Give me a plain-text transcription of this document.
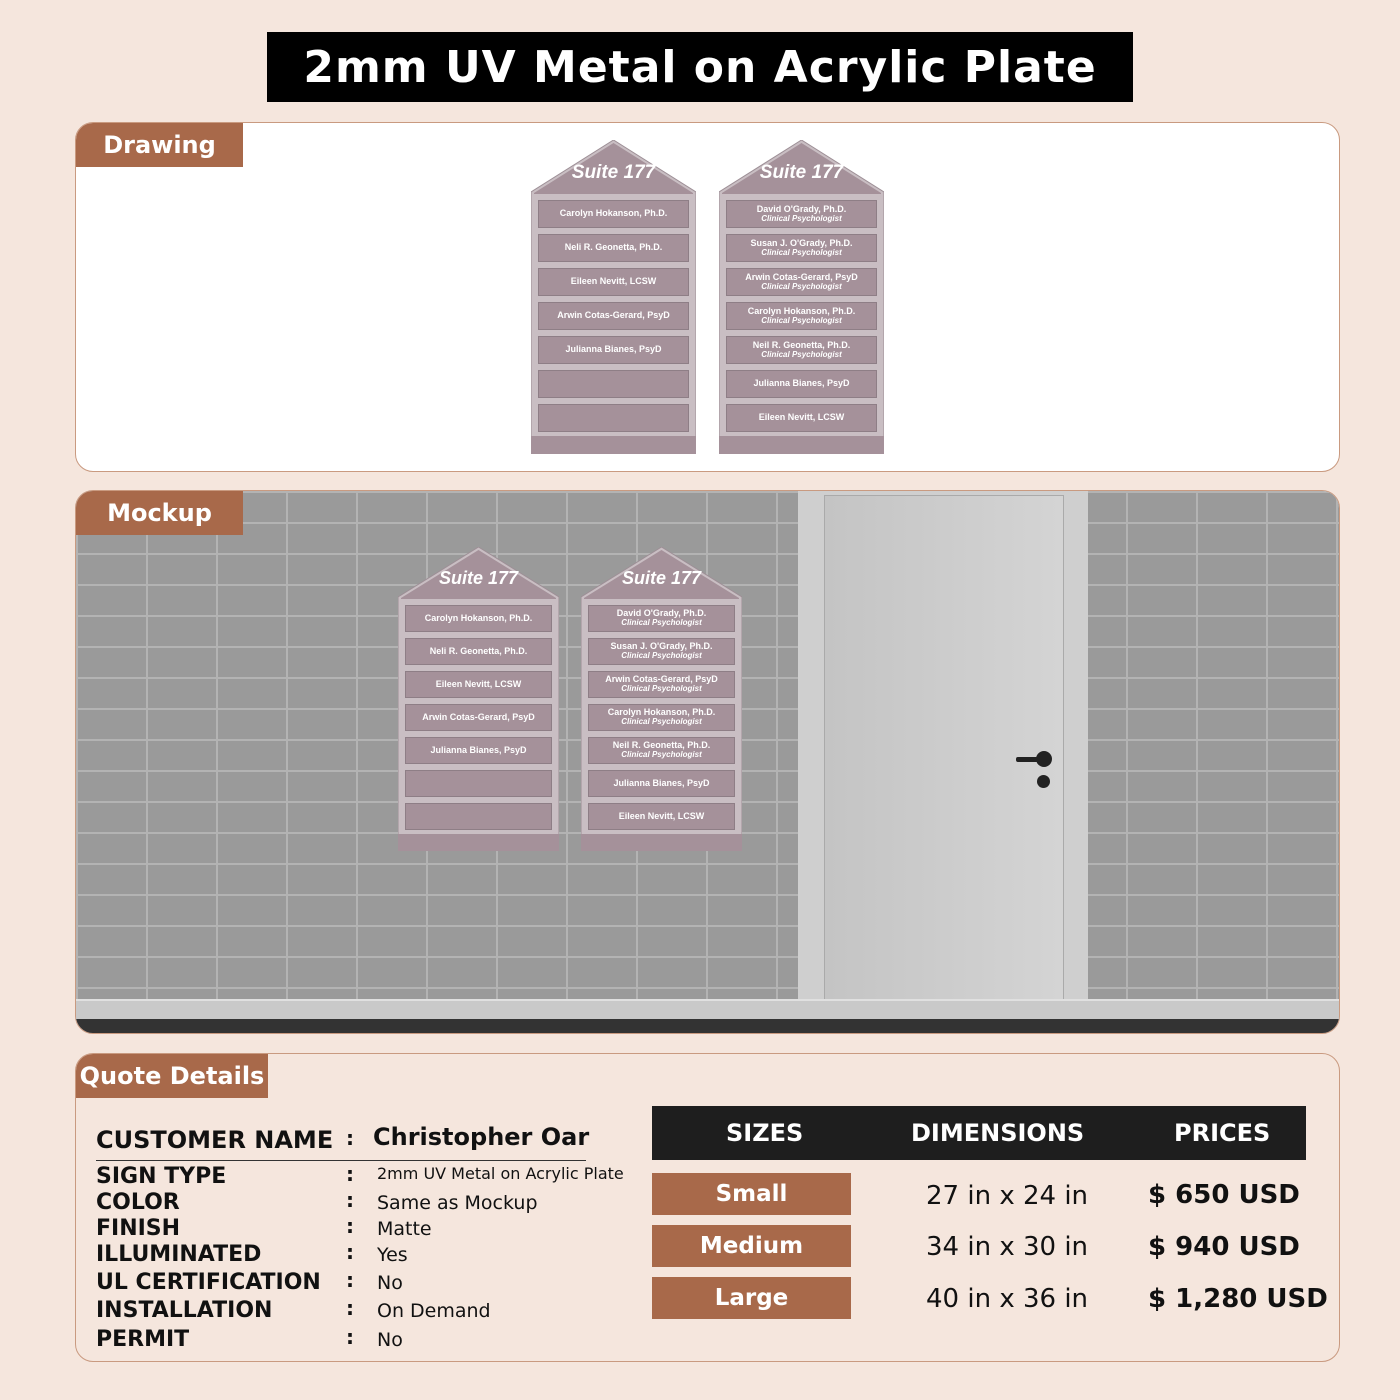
2mm UV Metal on Acrylic Plate
Drawing
Suite 177
Carolyn Hokanson, Ph.D.
Neli R. Geonetta, Ph.D.
Eileen Nevitt, LCSW
Arwin Cotas-Gerard, PsyD
Julianna Bianes, PsyD
Suite 177
David O'Grady, Ph.D.
Clinical Psychologist
Susan J. O'Grady, Ph.D.
Clinical Psychologist
Arwin Cotas-Gerard, PsyD
Clinical Psychologist
Carolyn Hokanson, Ph.D.
Clinical Psychologist
Neil R. Geonetta, Ph.D.
Clinical Psychologist
Julianna Bianes, PsyD
Eileen Nevitt, LCSW
Mockup
Suite 177
Carolyn Hokanson, Ph.D.
Neli R. Geonetta, Ph.D.
Eileen Nevitt, LCSW
Arwin Cotas-Gerard, PsyD
Julianna Bianes, PsyD
Suite 177
David O'Grady, Ph.D.
Clinical Psychologist
Susan J. O'Grady, Ph.D.
Clinical Psychologist
Arwin Cotas-Gerard, PsyD
Clinical Psychologist
Carolyn Hokanson, Ph.D.
Clinical Psychologist
Neil R. Geonetta, Ph.D.
Clinical Psychologist
Julianna Bianes, PsyD
Eileen Nevitt, LCSW
Quote Details
CUSTOMER NAME : Christopher Oar
SIGN TYPE	: 2mm UV Metal on Acrylic Plate
COLOR	: Same as Mockup
FINISH	: Matte
ILLUMINATED	: Yes
UL CERTIFICATION : No
INSTALLATION	: On Demand
PERMIT	: No
SIZES	DIMENSIONS	PRICES
Small	27 in x 24 in $ 650 USD
Medium	34 in x 30 in $ 940 USD
Large	40 in x 36 in $ 1,280 USD
